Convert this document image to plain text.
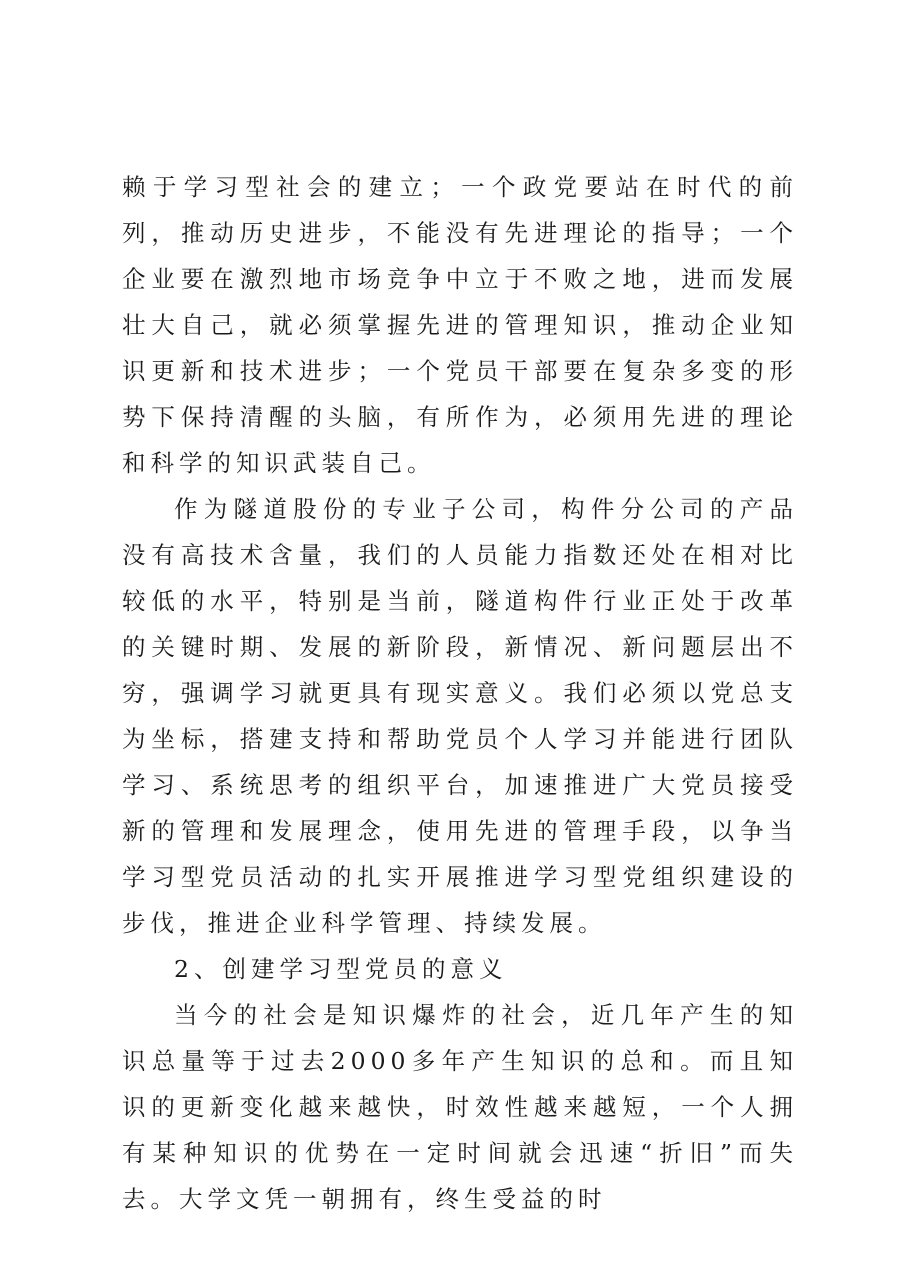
赖于学习型社会的建立；一个政党要站在时代的前列，推动历史进步，不能没有先进理论的指导；一个企业要在激烈地市场竞争中立于不败之地，进而发展壮大自己，就必须掌握先进的管理知识，推动企业知识更新和技术进步；一个党员干部要在复杂多变的形势下保持清醒的头脑，有所作为，必须用先进的理论和科学的知识武装自己。

作为隧道股份的专业子公司，构件分公司的产品没有高技术含量，我们的人员能力指数还处在相对比较低的水平，特别是当前，隧道构件行业正处于改革的关键时期、发展的新阶段，新情况、新问题层出不穷，强调学习就更具有现实意义。我们必须以党总支为坐标，搭建支持和帮助党员个人学习并能进行团队学习、系统思考的组织平台，加速推进广大党员接受新的管理和发展理念，使用先进的管理手段，以争当学习型党员活动的扎实开展推进学习型党组织建设的步伐，推进企业科学管理、持续发展。

2、创建学习型党员的意义

当今的社会是知识爆炸的社会，近几年产生的知识总量等于过去2000多年产生知识的总和。而且知识的更新变化越来越快，时效性越来越短，一个人拥有某种知识的优势在一定时间就会迅速“折旧”而失去。大学文凭一朝拥有，终生受益的时
